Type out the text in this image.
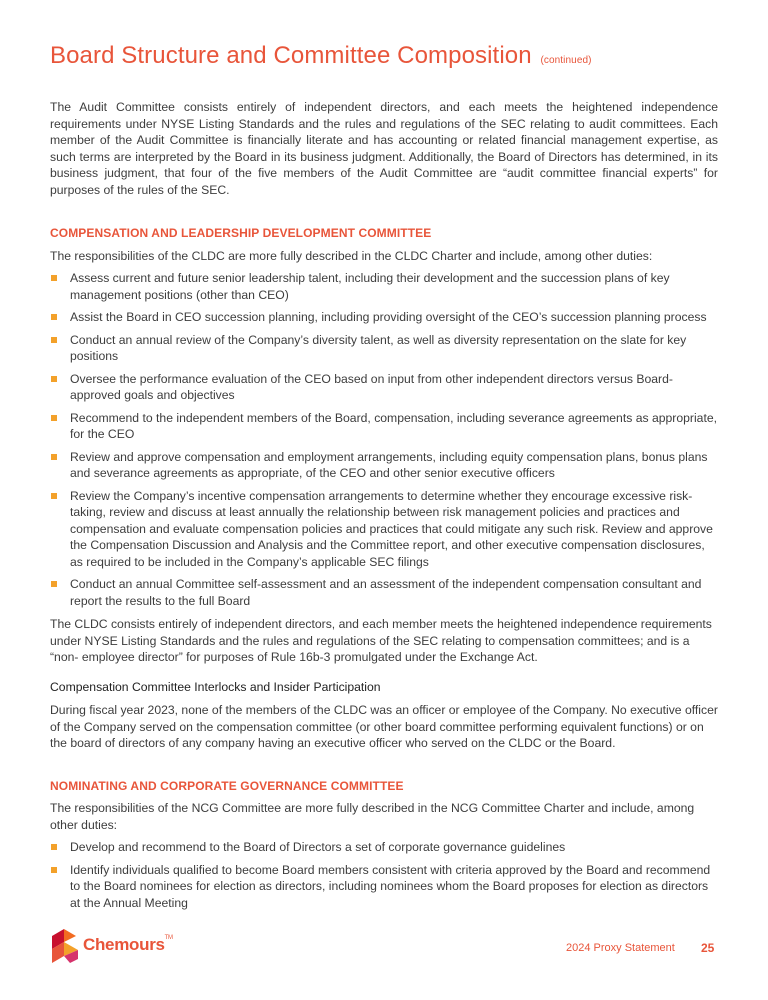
Board Structure and Committee Composition (continued)

The Audit Committee consists entirely of independent directors, and each meets the heightened independence requirements under NYSE Listing Standards and the rules and regulations of the SEC relating to audit committees. Each member of the Audit Committee is financially literate and has accounting or related financial management expertise, as such terms are interpreted by the Board in its business judgment. Additionally, the Board of Directors has determined, in its business judgment, that four of the five members of the Audit Committee are “audit committee financial experts” for purposes of the rules of the SEC.

COMPENSATION AND LEADERSHIP DEVELOPMENT COMMITTEE

The responsibilities of the CLDC are more fully described in the CLDC Charter and include, among other duties:

Assess current and future senior leadership talent, including their development and the succession plans of key management positions (other than CEO)
Assist the Board in CEO succession planning, including providing oversight of the CEO’s succession planning process
Conduct an annual review of the Company’s diversity talent, as well as diversity representation on the slate for key positions
Oversee the performance evaluation of the CEO based on input from other independent directors versus Board-approved goals and objectives
Recommend to the independent members of the Board, compensation, including severance agreements as appropriate, for the CEO
Review and approve compensation and employment arrangements, including equity compensation plans, bonus plans and severance agreements as appropriate, of the CEO and other senior executive officers
Review the Company’s incentive compensation arrangements to determine whether they encourage excessive risk-taking, review and discuss at least annually the relationship between risk management policies and practices and compensation and evaluate compensation policies and practices that could mitigate any such risk. Review and approve the Compensation Discussion and Analysis and the Committee report, and other executive compensation disclosures, as required to be included in the Company’s applicable SEC filings
Conduct an annual Committee self-assessment and an assessment of the independent compensation consultant and report the results to the full Board

The CLDC consists entirely of independent directors, and each member meets the heightened independence requirements under NYSE Listing Standards and the rules and regulations of the SEC relating to compensation committees; and is a “non- employee director” for purposes of Rule 16b-3 promulgated under the Exchange Act.

Compensation Committee Interlocks and Insider Participation

During fiscal year 2023, none of the members of the CLDC was an officer or employee of the Company. No executive officer of the Company served on the compensation committee (or other board committee performing equivalent functions) or on the board of directors of any company having an executive officer who served on the CLDC or the Board.

NOMINATING AND CORPORATE GOVERNANCE COMMITTEE

The responsibilities of the NCG Committee are more fully described in the NCG Committee Charter and include, among other duties:

Develop and recommend to the Board of Directors a set of corporate governance guidelines
Identify individuals qualified to become Board members consistent with criteria approved by the Board and recommend to the Board nominees for election as directors, including nominees whom the Board proposes for election as directors at the Annual Meeting
Chemours™
2024 Proxy Statement 25
